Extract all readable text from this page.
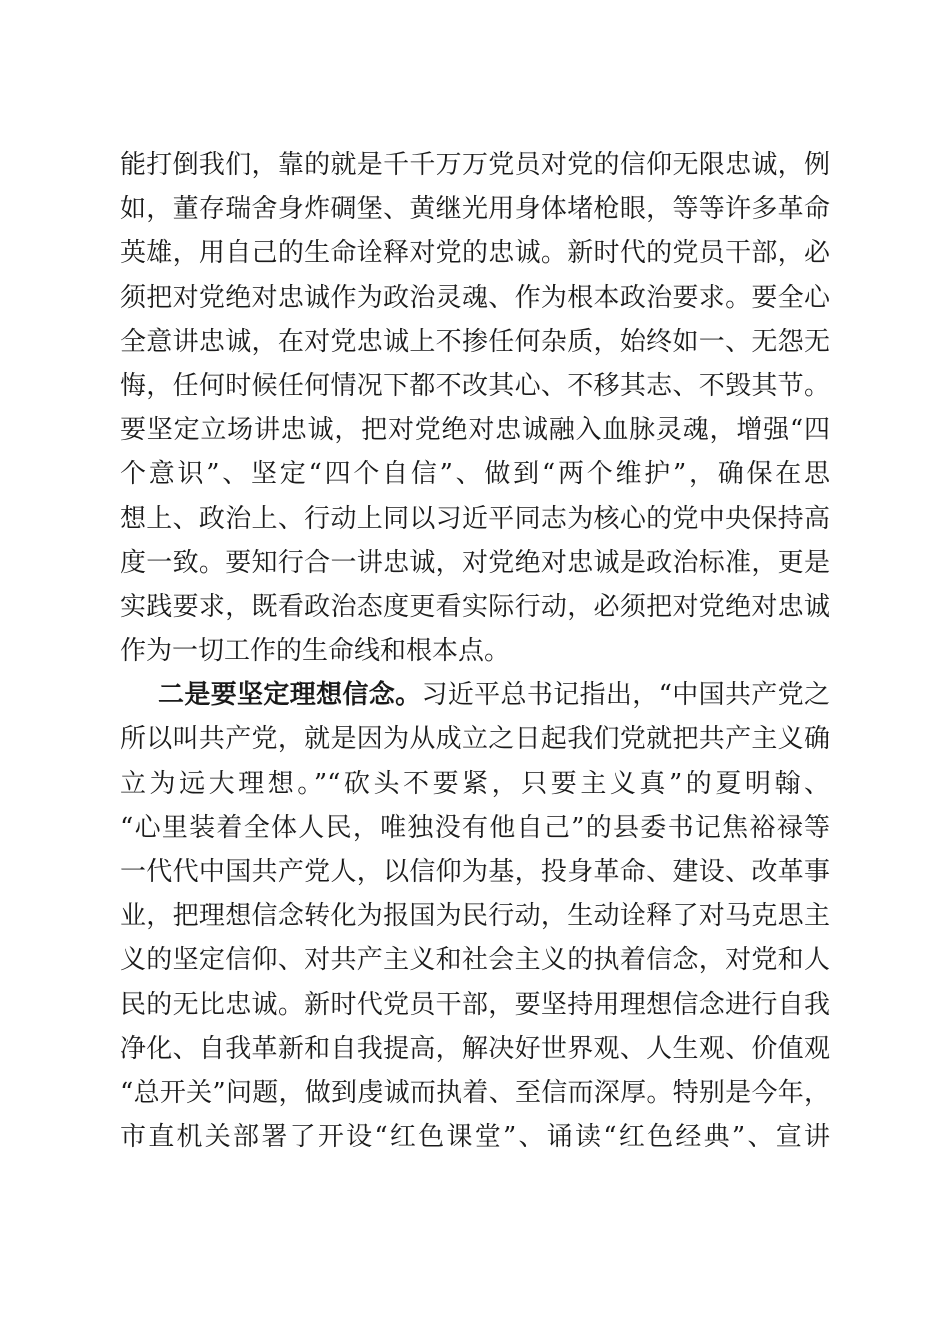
能打倒我们，靠的就是千千万万党员对党的信仰无限忠诚，例
如，董存瑞舍身炸碉堡、黄继光用身体堵枪眼，等等许多革命
英雄，用自己的生命诠释对党的忠诚。新时代的党员干部，必
须把对党绝对忠诚作为政治灵魂、作为根本政治要求。要全心
全意讲忠诚，在对党忠诚上不掺任何杂质，始终如一、无怨无
悔，任何时候任何情况下都不改其心、不移其志、不毁其节。
要坚定立场讲忠诚，把对党绝对忠诚融入血脉灵魂，增强“四
个意识”、坚定“四个自信”、做到“两个维护”，确保在思
想上、政治上、行动上同以习近平同志为核心的党中央保持高
度一致。要知行合一讲忠诚，对党绝对忠诚是政治标准，更是
实践要求，既看政治态度更看实际行动，必须把对党绝对忠诚
作为一切工作的生命线和根本点。
二是要坚定理想信念。习近平总书记指出，“中国共产党之
所以叫共产党，就是因为从成立之日起我们党就把共产主义确
立为远大理想。”“砍头不要紧，只要主义真”的夏明翰、
“心里装着全体人民，唯独没有他自己”的县委书记焦裕禄等
一代代中国共产党人，以信仰为基，投身革命、建设、改革事
业，把理想信念转化为报国为民行动，生动诠释了对马克思主
义的坚定信仰、对共产主义和社会主义的执着信念，对党和人
民的无比忠诚。新时代党员干部，要坚持用理想信念进行自我
净化、自我革新和自我提高，解决好世界观、人生观、价值观
“总开关”问题，做到虔诚而执着、至信而深厚。特别是今年，
市直机关部署了开设“红色课堂”、诵读“红色经典”、宣讲
